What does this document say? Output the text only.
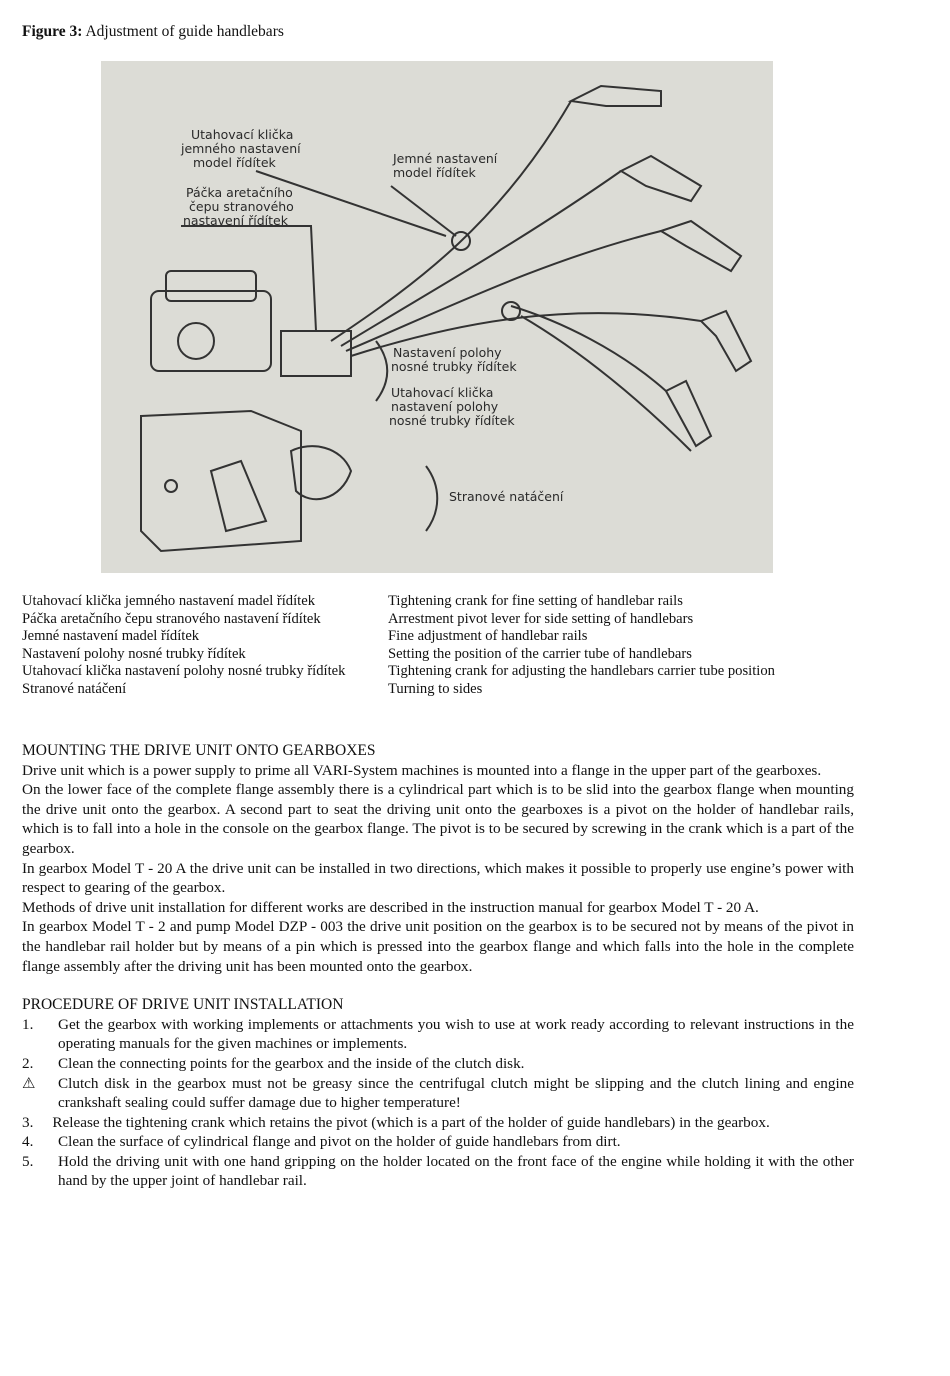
Figure 3: Adjustment of guide handlebars
Utahovací klička
jemného nastavení
model řídítek
Páčka aretačního
čepu stranového
nastavení řídítek
Jemné nastavení
model řídítek
Nastavení polohy
nosné trubky řídítek
Utahovací klička
nastavení polohy
nosné trubky řídítek
Stranové natáčení
Utahovací klička jemného nastavení madel řídítek	Tightening crank for fine setting of handlebar rails
Páčka aretačního čepu stranového nastavení řídítek	Arrestment pivot lever for side setting of handlebars
Jemné nastavení madel řídítek	Fine adjustment of handlebar rails
Nastavení polohy nosné trubky řídítek	Setting the position of the carrier tube of handlebars
Utahovací klička nastavení polohy nosné trubky řídítek	Tightening crank for adjusting the handlebars carrier tube position
Stranové natáčení	Turning to sides
MOUNTING THE DRIVE UNIT ONTO GEARBOXES

Drive unit which is a power supply to prime all VARI-System machines is mounted into a flange in the upper part of the gearboxes.

On the lower face of the complete flange assembly there is a cylindrical part which is to be slid into the gearbox flange when mounting the drive unit onto the gearbox. A second part to seat the driving unit onto the gearboxes is a pivot on the holder of handlebar rails, which is to fall into a hole in the console on the gearbox flange. The pivot is to be secured by screwing in the crank which is a part of the gearbox.

In gearbox Model T - 20 A the drive unit can be installed in two directions, which makes it possible to properly use engine’s power with respect to gearing of the gearbox.

Methods of drive unit installation for different works are described in the instruction manual for gearbox Model T - 20 A.

In gearbox Model T - 2 and pump Model DZP - 003 the drive unit position on the gearbox is to be secured not by means of the pivot in the handlebar rail holder but by means of a pin which is pressed into the gearbox flange and which falls into the hole in the complete flange assembly after the driving unit has been mounted onto the gearbox.

PROCEDURE OF DRIVE UNIT INSTALLATION
1.	Get the gearbox with working implements or attachments you wish to use at work ready according to relevant instructions in the operating manuals for the given machines or implements.
2.	Clean the connecting points for the gearbox and the inside of the clutch disk.
⚠	Clutch disk in the gearbox must not be greasy since the centrifugal clutch might be slipping and the clutch lining and engine crankshaft sealing could suffer damage due to higher temperature!

3. Release the tightening crank which retains the pivot (which is a part of the holder of guide handlebars) in the gearbox.

4.	Clean the surface of cylindrical flange and pivot on the holder of guide handlebars from dirt.
5.	Hold the driving unit with one hand gripping on the holder located on the front face of the engine while holding it with the other hand by the upper joint of handlebar rail.
